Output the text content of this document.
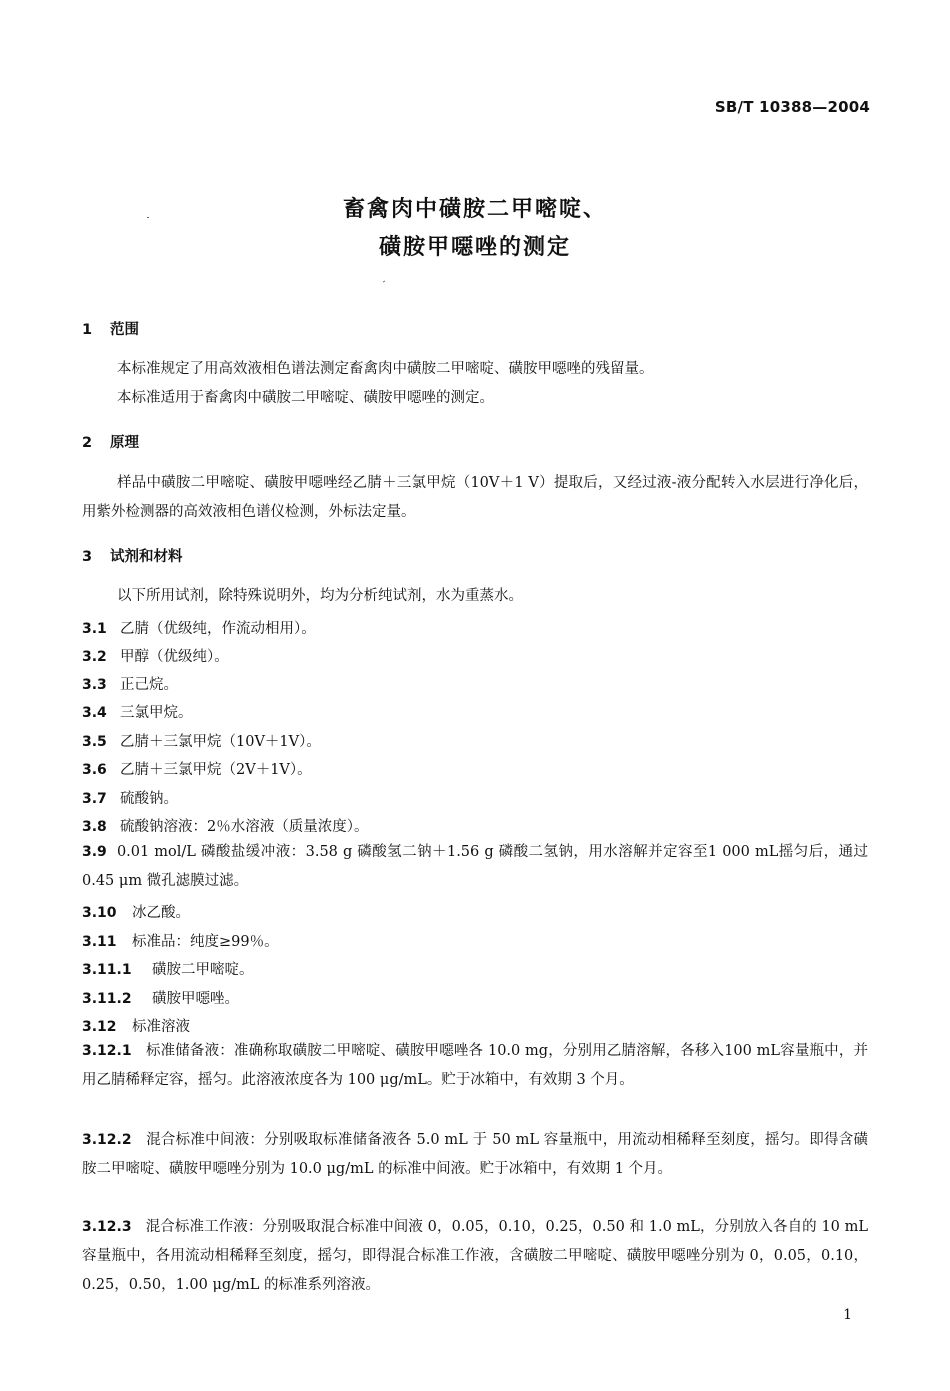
SB/T 10388—2004
畜禽肉中磺胺二甲嘧啶、
磺胺甲噁唑的测定
1 范围
本标准规定了用高效液相色谱法测定畜禽肉中磺胺二甲嘧啶、磺胺甲噁唑的残留量。
本标准适用于畜禽肉中磺胺二甲嘧啶、磺胺甲噁唑的测定。
2 原理
样品中磺胺二甲嘧啶、磺胺甲噁唑经乙腈＋三氯甲烷（10V＋1 V）提取后，又经过液-液分配转入水层进行净化后，用紫外检测器的高效液相色谱仪检测，外标法定量。
3 试剂和材料
以下所用试剂，除特殊说明外，均为分析纯试剂，水为重蒸水。
3.1 乙腈（优级纯，作流动相用）。
3.2 甲醇（优级纯）。
3.3 正己烷。
3.4 三氯甲烷。
3.5 乙腈＋三氯甲烷（10V＋1V）。
3.6 乙腈＋三氯甲烷（2V＋1V）。
3.7 硫酸钠。
3.8 硫酸钠溶液：2％水溶液（质量浓度）。
3.9 0.01 mol/L 磷酸盐缓冲液：3.58 g 磷酸氢二钠＋1.56 g 磷酸二氢钠，用水溶解并定容至1 000 mL摇匀后，通过 0.45 μm 微孔滤膜过滤。
3.10 冰乙酸。
3.11 标准品：纯度≥99％。
3.11.1 磺胺二甲嘧啶。
3.11.2 磺胺甲噁唑。
3.12 标准溶液
3.12.1 标准储备液：准确称取磺胺二甲嘧啶、磺胺甲噁唑各 10.0 mg，分别用乙腈溶解，各移入100 mL容量瓶中，并用乙腈稀释定容，摇匀。此溶液浓度各为 100 μg/mL。贮于冰箱中，有效期 3 个月。
3.12.2 混合标准中间液：分别吸取标准储备液各 5.0 mL 于 50 mL 容量瓶中，用流动相稀释至刻度，摇匀。即得含磺胺二甲嘧啶、磺胺甲噁唑分别为 10.0 μg/mL 的标准中间液。贮于冰箱中，有效期 1 个月。
3.12.3 混合标准工作液：分别吸取混合标准中间液 0，0.05，0.10，0.25，0.50 和 1.0 mL，分别放入各自的 10 mL 容量瓶中，各用流动相稀释至刻度，摇匀，即得混合标准工作液，含磺胺二甲嘧啶、磺胺甲噁唑分别为 0，0.05，0.10，0.25，0.50，1.00 μg/mL 的标准系列溶液。
1
